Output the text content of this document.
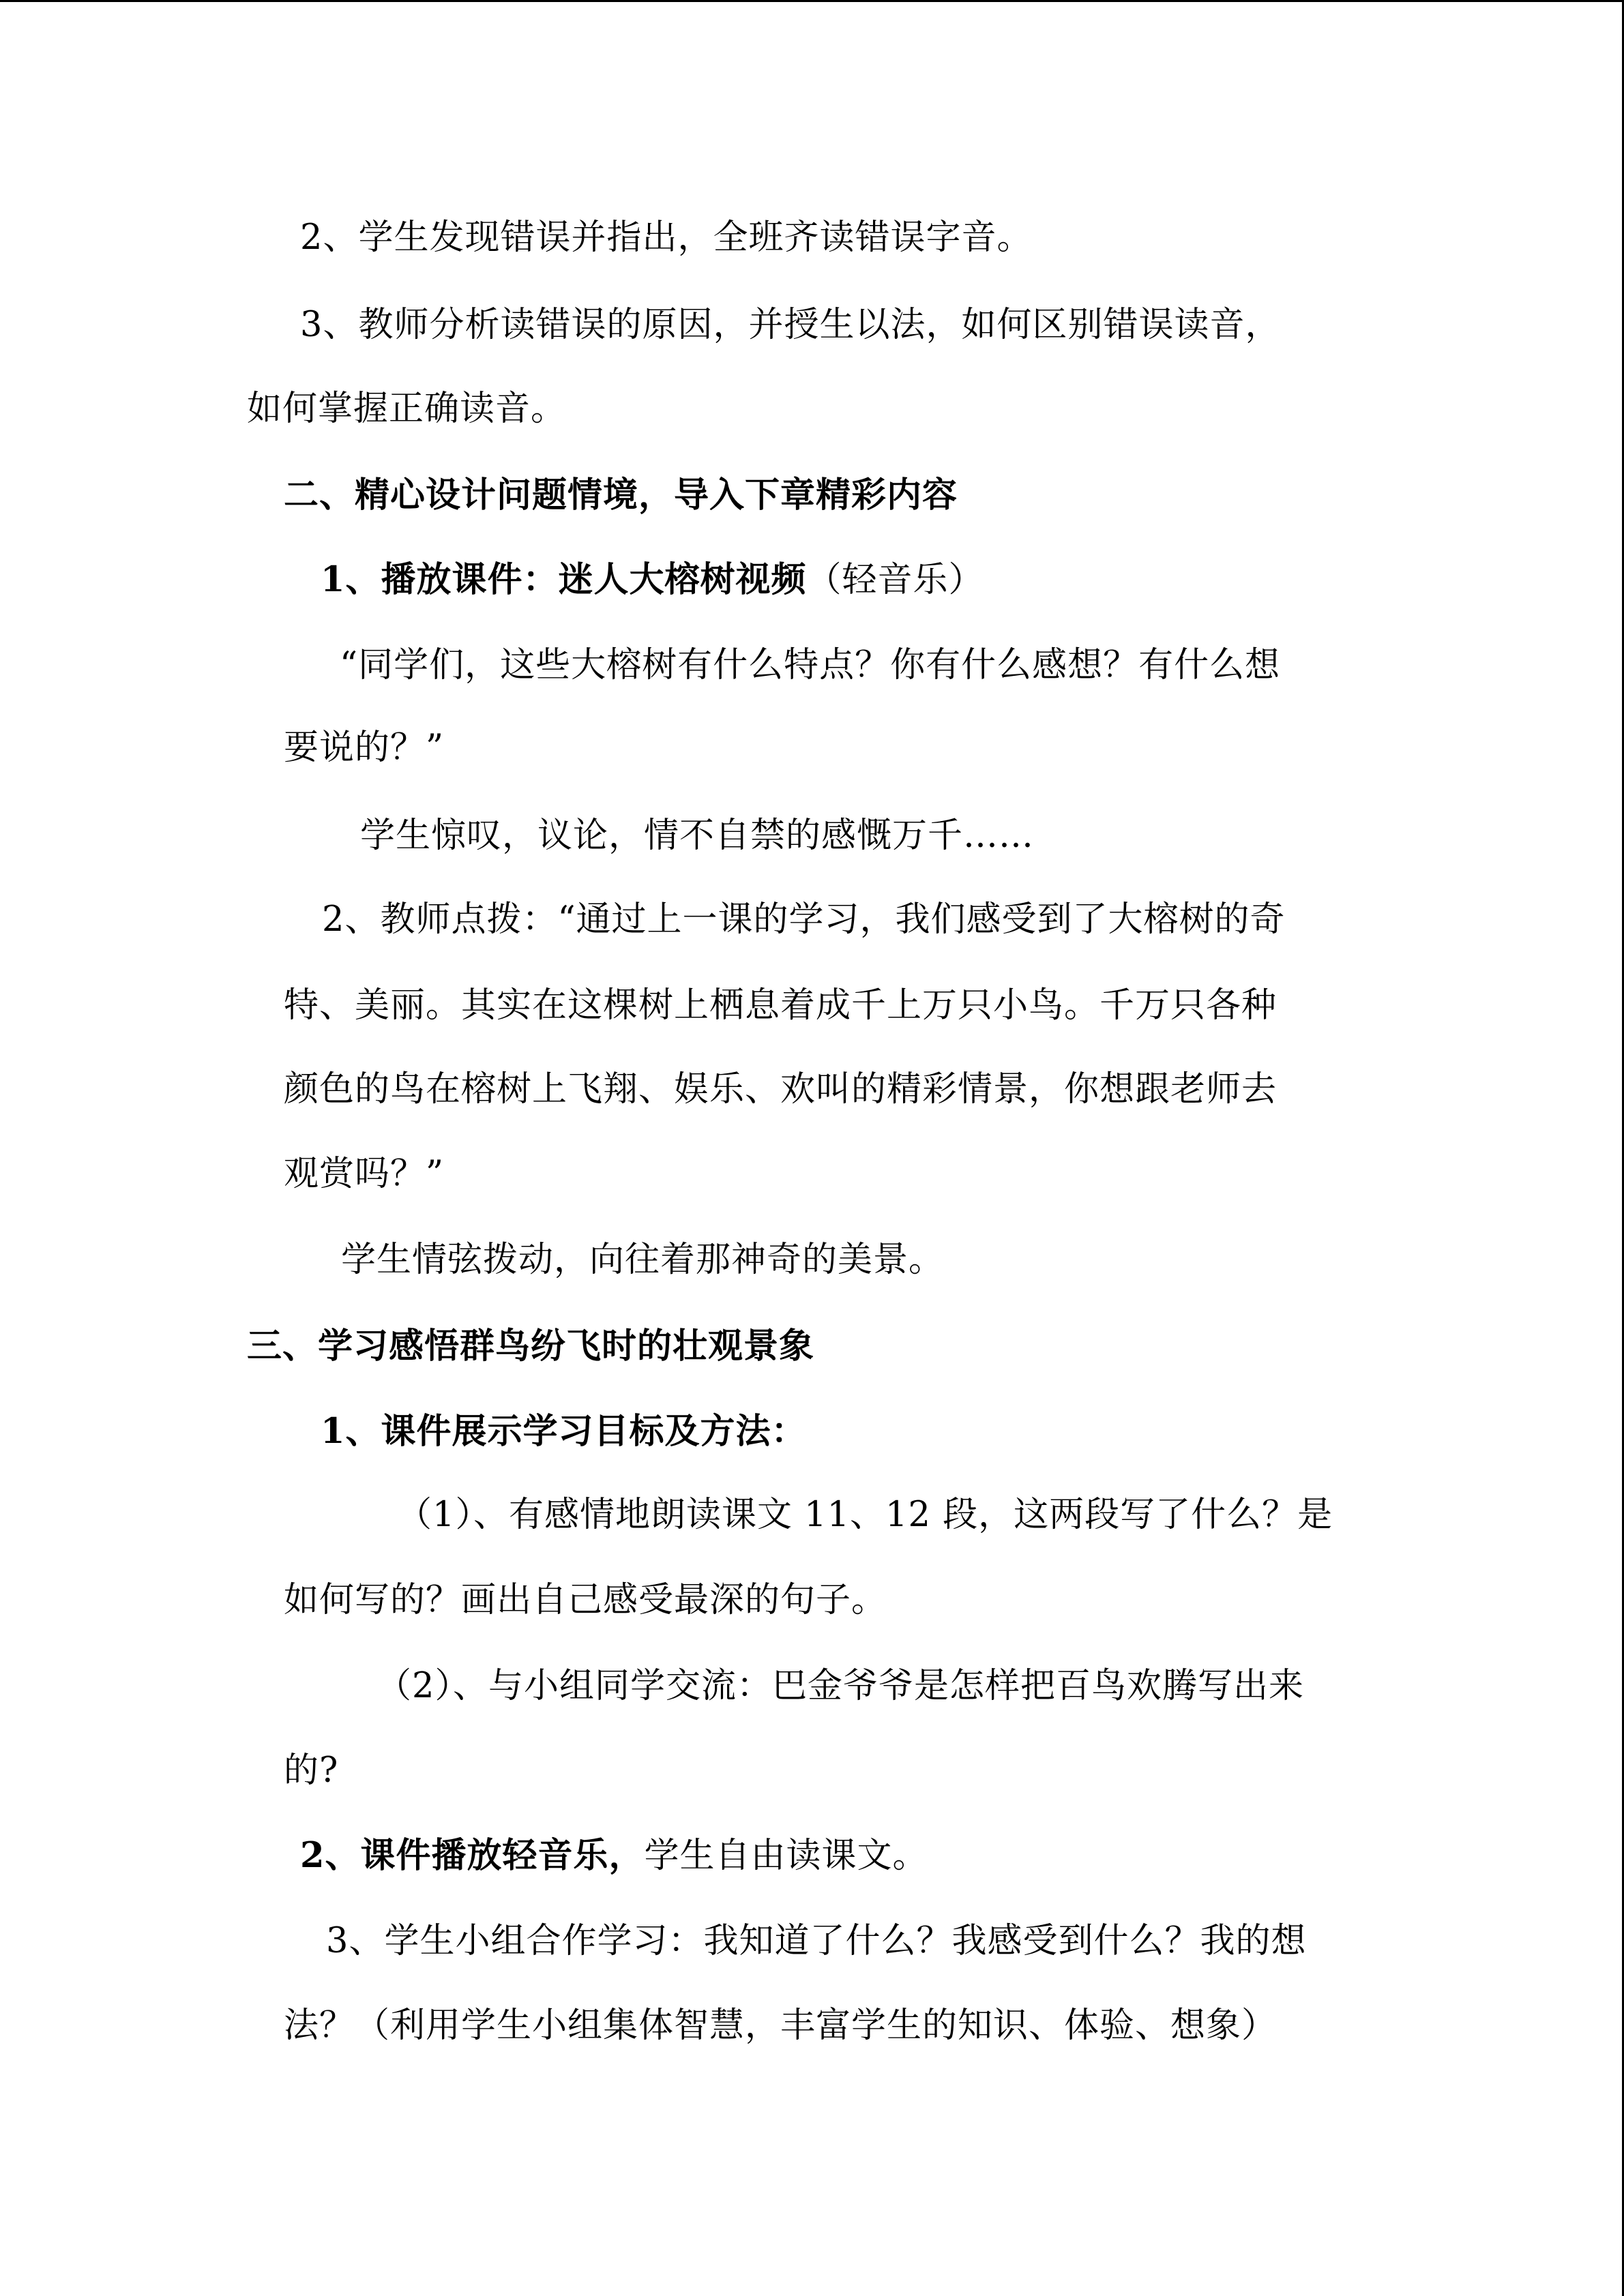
2、学生发现错误并指出，全班齐读错误字音。
3、教师分析读错误的原因，并授生以法，如何区别错误读音，
如何掌握正确读音。
二、精心设计问题情境，导入下章精彩内容
1、播放课件：迷人大榕树视频（轻音乐）
“同学们，这些大榕树有什么特点？你有什么感想？有什么想
要说的？”
学生惊叹，议论，情不自禁的感慨万千……
2、教师点拨：“通过上一课的学习，我们感受到了大榕树的奇
特、美丽。其实在这棵树上栖息着成千上万只小鸟。千万只各种
颜色的鸟在榕树上飞翔、娱乐、欢叫的精彩情景，你想跟老师去
观赏吗？”
学生情弦拨动，向往着那神奇的美景。
三、学习感悟群鸟纷飞时的壮观景象
1、课件展示学习目标及方法：
（1）、有感情地朗读课文 11、12 段，这两段写了什么？是
如何写的？画出自己感受最深的句子。
（2）、与小组同学交流：巴金爷爷是怎样把百鸟欢腾写出来
的?
2、课件播放轻音乐，学生自由读课文。
3、学生小组合作学习：我知道了什么？我感受到什么？我的想
法？（利用学生小组集体智慧，丰富学生的知识、体验、想象）
